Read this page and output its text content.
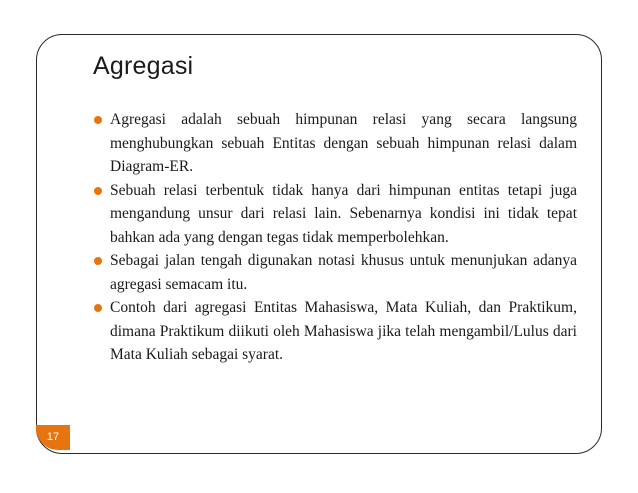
Agregasi
Agregasi adalah sebuah himpunan relasi yang secara langsung menghubungkan sebuah Entitas dengan sebuah himpunan relasi dalam Diagram-ER.
Sebuah relasi terbentuk tidak hanya dari himpunan entitas tetapi juga mengandung unsur dari relasi lain. Sebenarnya kondisi ini tidak tepat bahkan ada yang dengan tegas tidak memperbolehkan.
Sebagai jalan tengah digunakan notasi khusus untuk menunjukan adanya agregasi semacam itu.
Contoh dari agregasi Entitas Mahasiswa, Mata Kuliah, dan Praktikum, dimana Praktikum diikuti oleh Mahasiswa jika telah mengambil/Lulus dari Mata Kuliah sebagai syarat.
17
